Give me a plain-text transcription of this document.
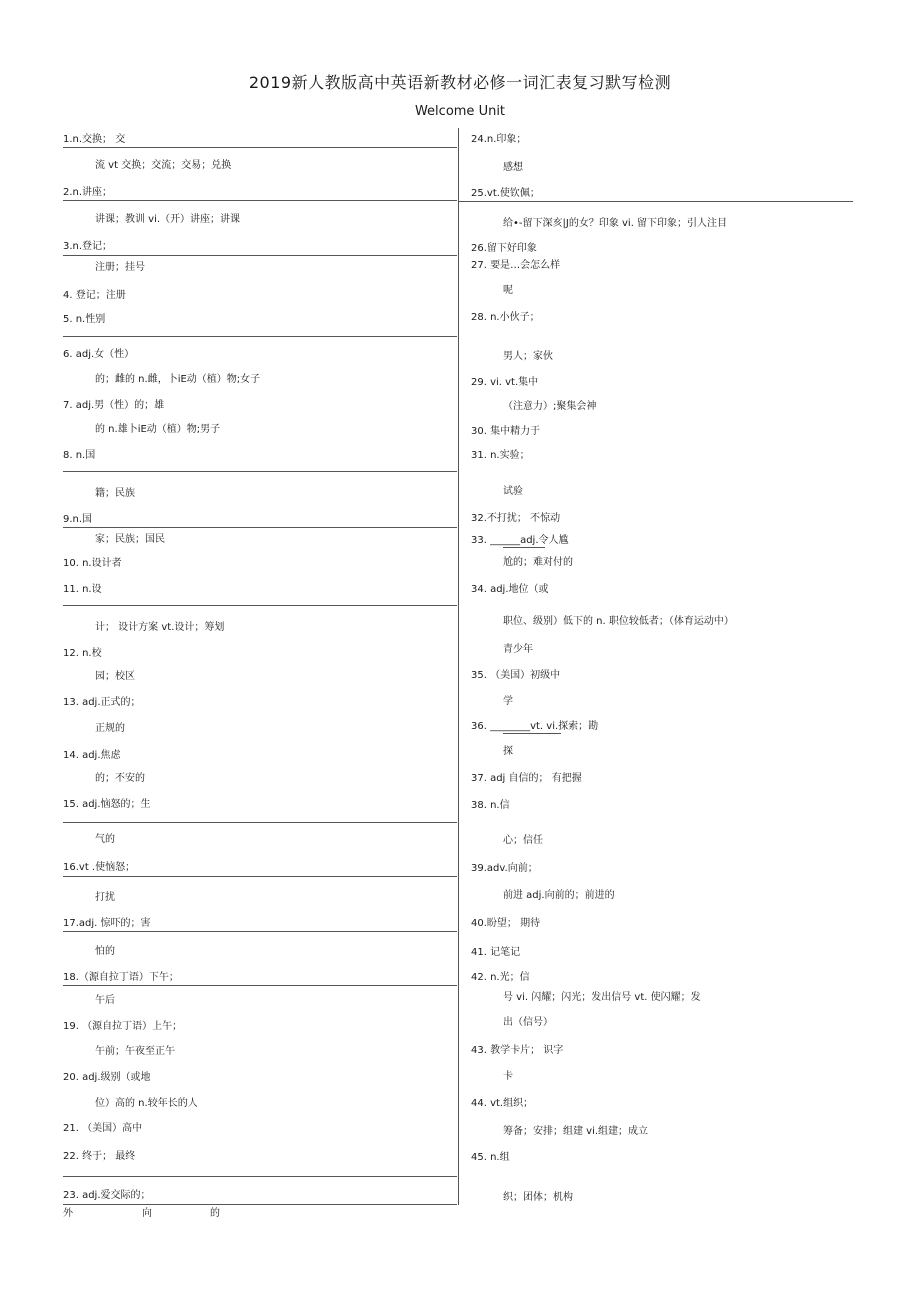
2019新人教版高中英语新教材必修一词汇表复习默写检测
Welcome Unit
1.n.交换； 交
流 vt 交换；交流；交易；兑换
2.n.讲座；
讲课；教训 vi.（开）讲座；讲课
3.n.登记；
注册；挂号
4. 登记；注册
5. n.性别
6. adj.女（性）
的；雌的 n.雌，卜iE动（植）物;女子
7. adj.男（性）的；雄
的 n.雄卜iE动（植）物;男子
8. n.国
籍；民族
9.n.国
家；民族；国民
10. n.设计者
11. n.设
计； 设计方案 vt.设计；筹划
12. n.校
园；校区
13. adj.正式的；
正规的
14. adj.焦虑
的；不安的
15. adj.恼怒的；生
气的
16.vt .使恼怒；
打扰
17.adj. 惊吓的；害
怕的
18.（源自拉丁语）下午；
午后
19. （源自拉丁语）上午；
午前；午夜至正午
20. adj.级别（或地
位）高的 n.较年长的人
21. （美国）高中
22. 终于； 最终
23. adj.爱交际的；
24.n.印象；
感想
25.vt.使钦佩；
给•-留下深亥|J的女？印象 vi. 留下印象；引人注目
26.留下好印象
27. 要是…会怎么样
呢
28. n.小伙子；
男人；家伙
29. vi. vt.集中
（注意力）;聚集会神
30. 集中精力于
31. n.实验；
试验
32.不打扰； 不惊动
33. ______adj.令人尴
尬的；难对付的
34. adj.地位（或
职位、级别）低下的 n. 职位较低者；（体育运动中）
青少年
35. （美国）初级中
学
36. ________vt. vi.探索；勘
探
37. adj 自信的； 有把握
38. n.信
心；信任
39.adv.向前；
前进 adj.向前的；前进的
40.盼望； 期待
41. 记笔记
42. n.光；信
号 vi. 闪耀；闪光；发出信号 vt. 使闪耀；发
出（信号）
43. 教学卡片； 识字
卡
44. vt.组织；
筹备；安排；组建 vi.组建；成立
45. n.组
织；团体；机构
外	向	的
